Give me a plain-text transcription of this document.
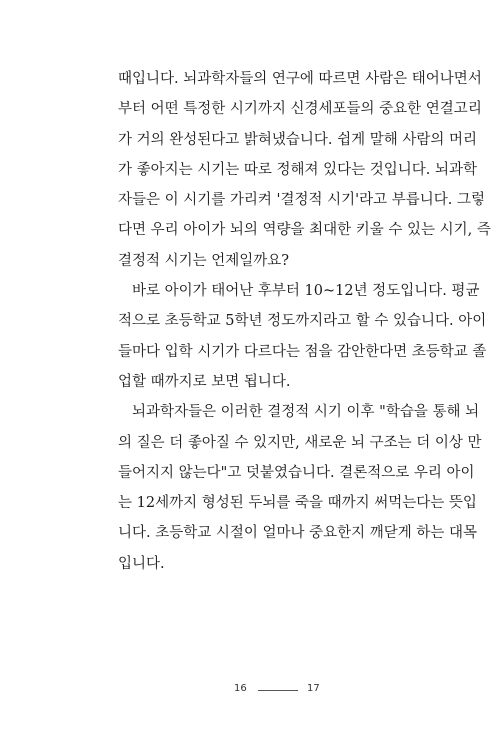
때입니다. 뇌과학자들의 연구에 따르면 사람은 태어나면서
부터 어떤 특정한 시기까지 신경세포들의 중요한 연결고리
가 거의 완성된다고 밝혀냈습니다. 쉽게 말해 사람의 머리
가 좋아지는 시기는 따로 정해져 있다는 것입니다. 뇌과학
자들은 이 시기를 가리켜 '결정적 시기'라고 부릅니다. 그렇
다면 우리 아이가 뇌의 역량을 최대한 키울 수 있는 시기, 즉
결정적 시기는 언제일까요?

바로 아이가 태어난 후부터 10~12년 정도입니다. 평균
적으로 초등학교 5학년 정도까지라고 할 수 있습니다. 아이
들마다 입학 시기가 다르다는 점을 감안한다면 초등학교 졸
업할 때까지로 보면 됩니다.

뇌과학자들은 이러한 결정적 시기 이후 "학습을 통해 뇌
의 질은 더 좋아질 수 있지만, 새로운 뇌 구조는 더 이상 만
들어지지 않는다"고 덧붙였습니다. 결론적으로 우리 아이
는 12세까지 형성된 두뇌를 죽을 때까지 써먹는다는 뜻입
니다. 초등학교 시절이 얼마나 중요한지 깨닫게 하는 대목
입니다.

16	17
